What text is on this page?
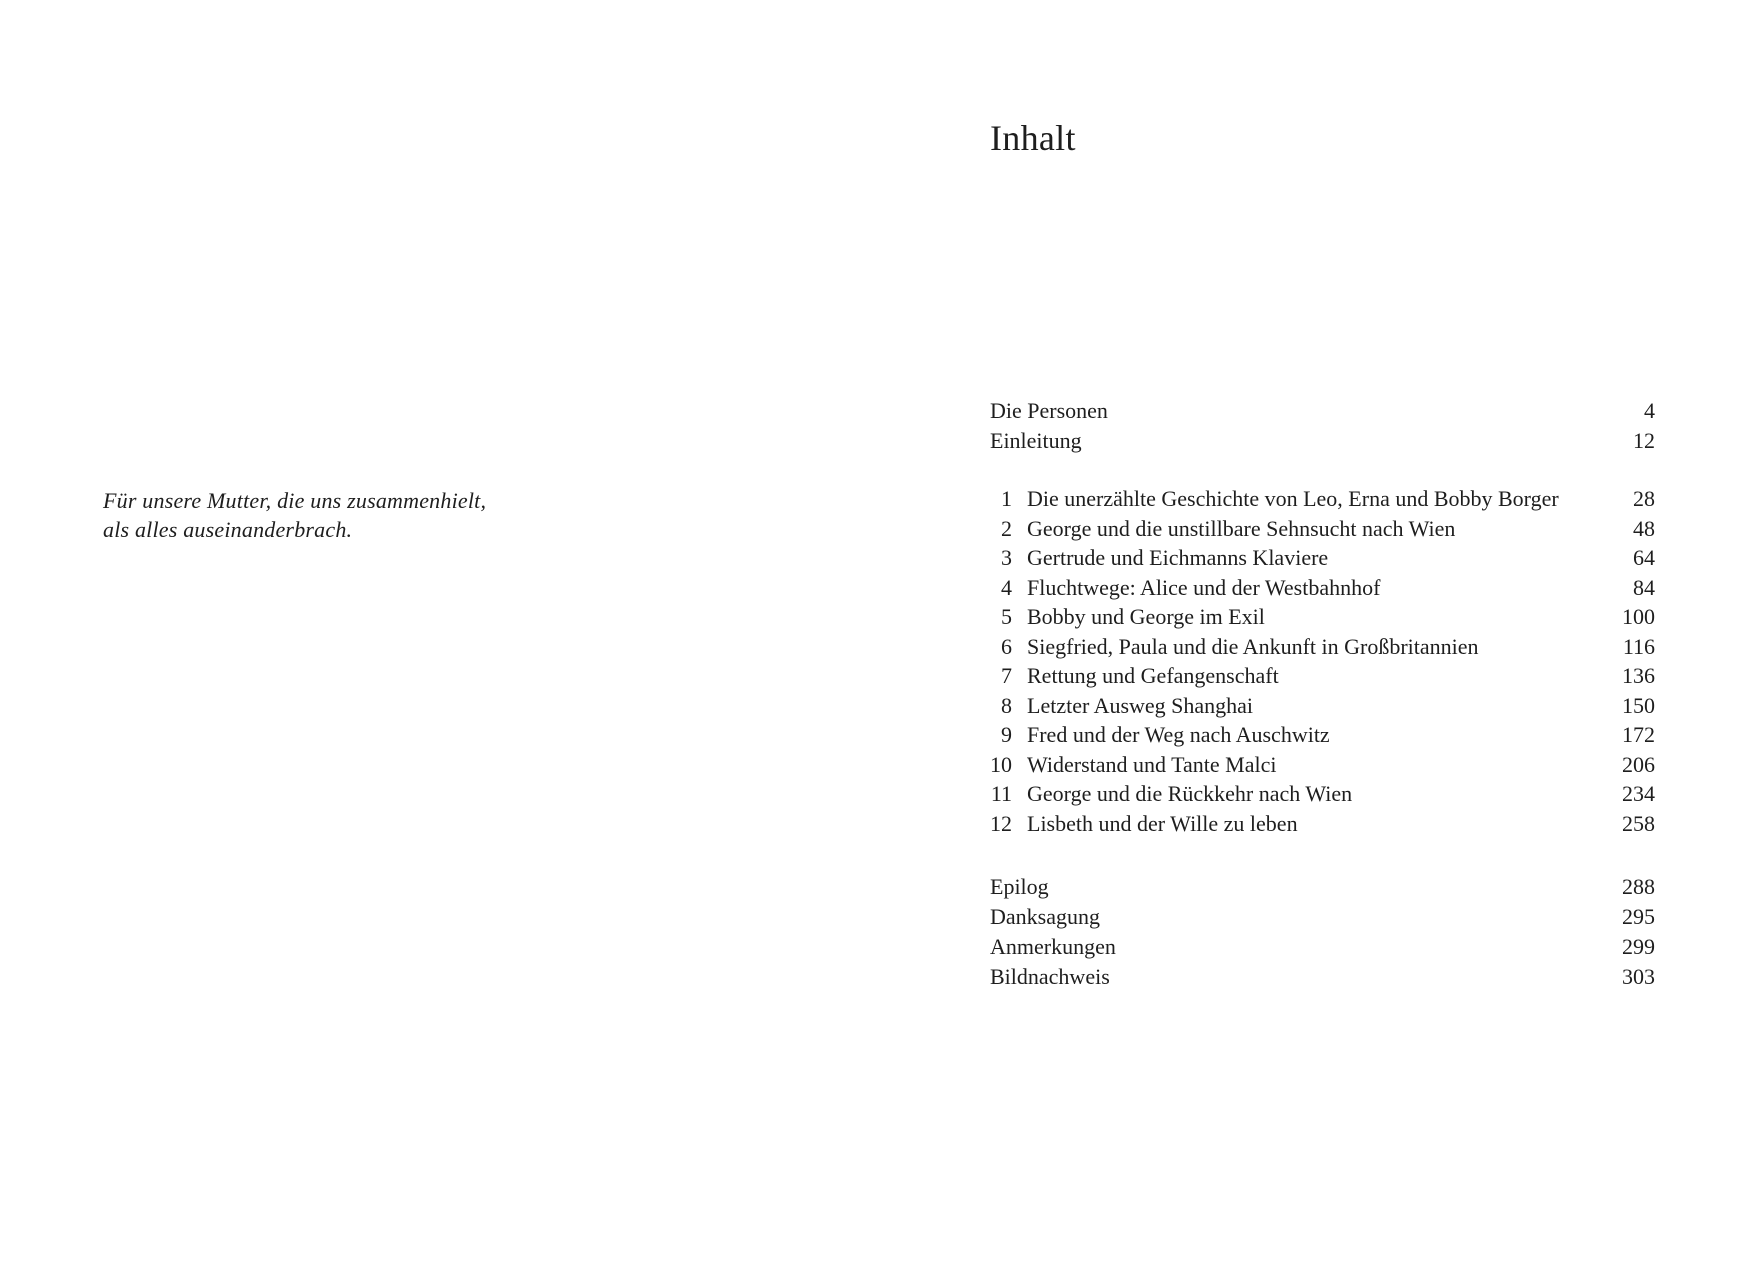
Für unsere Mutter, die uns zusammenhielt,
als alles auseinanderbrach.
Inhalt
Die Personen	4
Einleitung	12
1 Die unerzählte Geschichte von Leo, Erna und Bobby Borger	28
2 George und die unstillbare Sehnsucht nach Wien	48
3 Gertrude und Eichmanns Klaviere	64
4 Fluchtwege: Alice und der Westbahnhof	84
5 Bobby und George im Exil	100
6 Siegfried, Paula und die Ankunft in Großbritannien	116
7 Rettung und Gefangenschaft	136
8 Letzter Ausweg Shanghai	150
9 Fred und der Weg nach Auschwitz	172
10 Widerstand und Tante Malci	206
11 George und die Rückkehr nach Wien	234
12 Lisbeth und der Wille zu leben	258
Epilog	288
Danksagung	295
Anmerkungen	299
Bildnachweis	303
